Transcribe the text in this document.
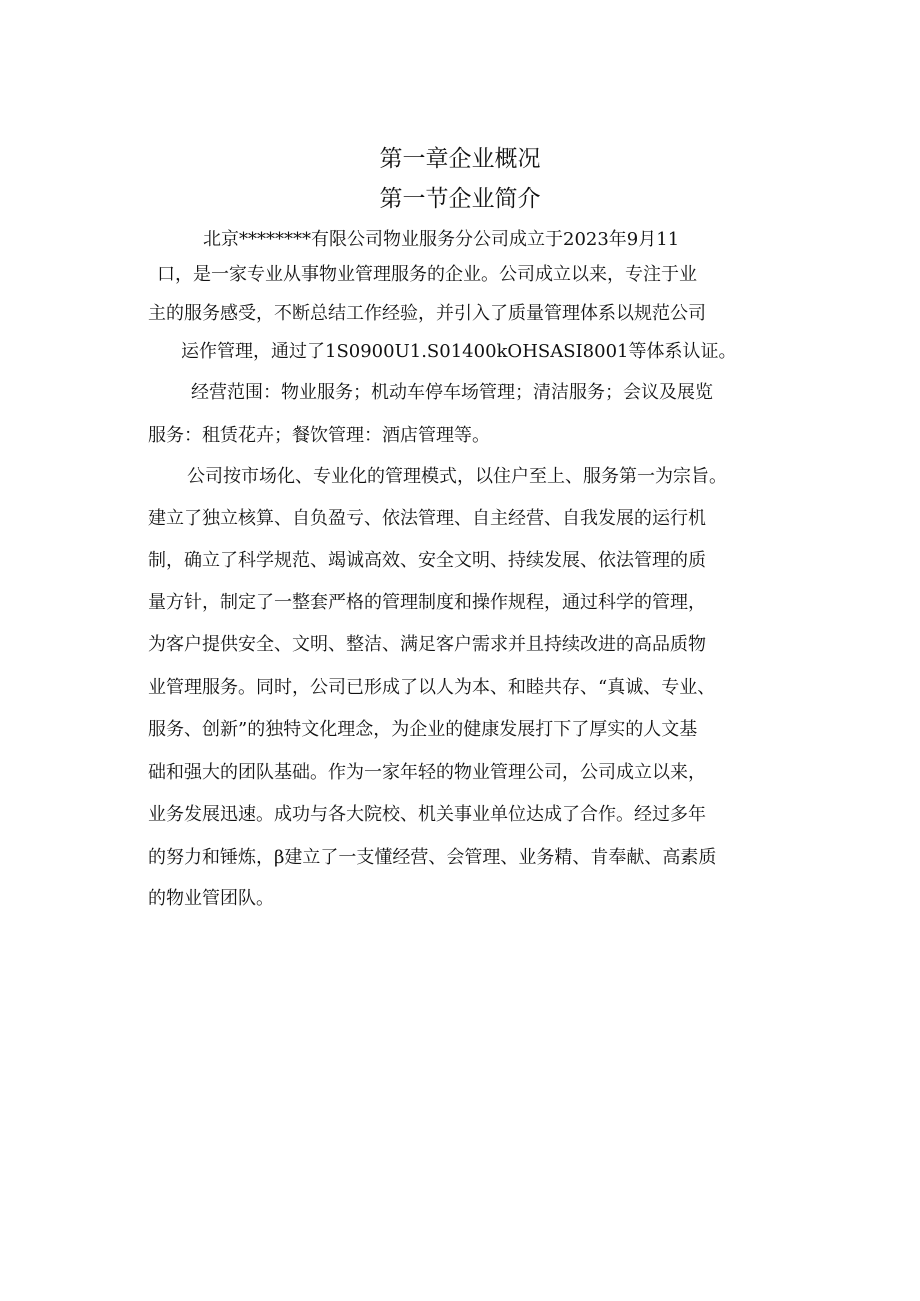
第一章企业概况
第一节企业简介
北京********有限公司物业服务分公司成立于2023年9月11
口，是一家专业从事物业管理服务的企业。公司成立以来，专注于业
主的服务感受，不断总结工作经验，并引入了质量管理体系以规范公司
运作管理，通过了1S0900U1.S01400kOHSASI8001等体系认证。
经营范围：物业服务；机动车停车场管理；清洁服务；会议及展览
服务：租赁花卉；餐饮管理：酒店管理等。
公司按市场化、专业化的管理模式，以住户至上、服务第一为宗旨。
建立了独立核算、自负盈亏、依法管理、自主经营、自我发展的运行机
制，确立了科学规范、竭诚高效、安全文明、持续发展、依法管理的质
量方针，制定了一整套严格的管理制度和操作规程，通过科学的管理，
为客户提供安全、文明、整洁、满足客户需求并且持续改进的高品质物
业管理服务。同时，公司已形成了以人为本、和睦共存、“真诚、专业、
服务、创新”的独特文化理念，为企业的健康发展打下了厚实的人文基
础和强大的团队基础。作为一家年轻的物业管理公司，公司成立以来，
业务发展迅速。成功与各大院校、机关事业单位达成了合作。经过多年
的努力和锤炼，β建立了一支懂经营、会管理、业务精、肯奉献、高素质
的物业管团队。
